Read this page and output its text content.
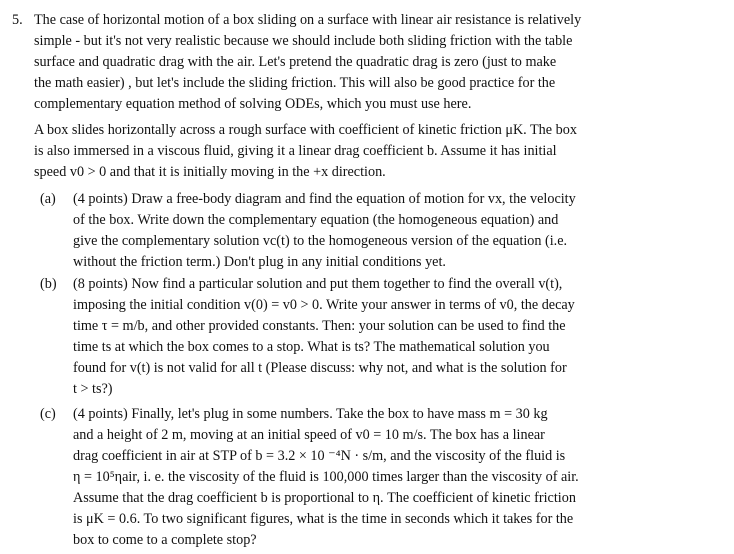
5. The case of horizontal motion of a box sliding on a surface with linear air resistance is relatively
simple - but it's not very realistic because we should include both sliding friction with the table
surface and quadratic drag with the air. Let's pretend the quadratic drag is zero (just to make
the math easier) , but let's include the sliding friction. This will also be good practice for the
complementary equation method of solving ODEs, which you must use here.
A box slides horizontally across a rough surface with coefficient of kinetic friction μK. The box
is also immersed in a viscous fluid, giving it a linear drag coefficient b. Assume it has initial
speed v0 > 0 and that it is initially moving in the +x direction.
(a) (4 points) Draw a free-body diagram and find the equation of motion for vx, the velocity
of the box. Write down the complementary equation (the homogeneous equation) and
give the complementary solution vc(t) to the homogeneous version of the equation (i.e.
without the friction term.) Don't plug in any initial conditions yet.
(b) (8 points) Now find a particular solution and put them together to find the overall v(t),
imposing the initial condition v(0) = v0 > 0. Write your answer in terms of v0, the decay
time τ = m/b, and other provided constants. Then: your solution can be used to find the
time ts at which the box comes to a stop. What is ts? The mathematical solution you
found for v(t) is not valid for all t (Please discuss: why not, and what is the solution for
t > ts?)
(c) (4 points) Finally, let's plug in some numbers. Take the box to have mass m = 30 kg
and a height of 2 m, moving at an initial speed of v0 = 10 m/s. The box has a linear
drag coefficient in air at STP of b = 3.2 × 10 ⁻⁴N · s/m, and the viscosity of the fluid is
η = 10⁵ηair, i. e. the viscosity of the fluid is 100,000 times larger than the viscosity of air.
Assume that the drag coefficient b is proportional to η. The coefficient of kinetic friction
is μK = 0.6. To two significant figures, what is the time in seconds which it takes for the
box to come to a complete stop?
